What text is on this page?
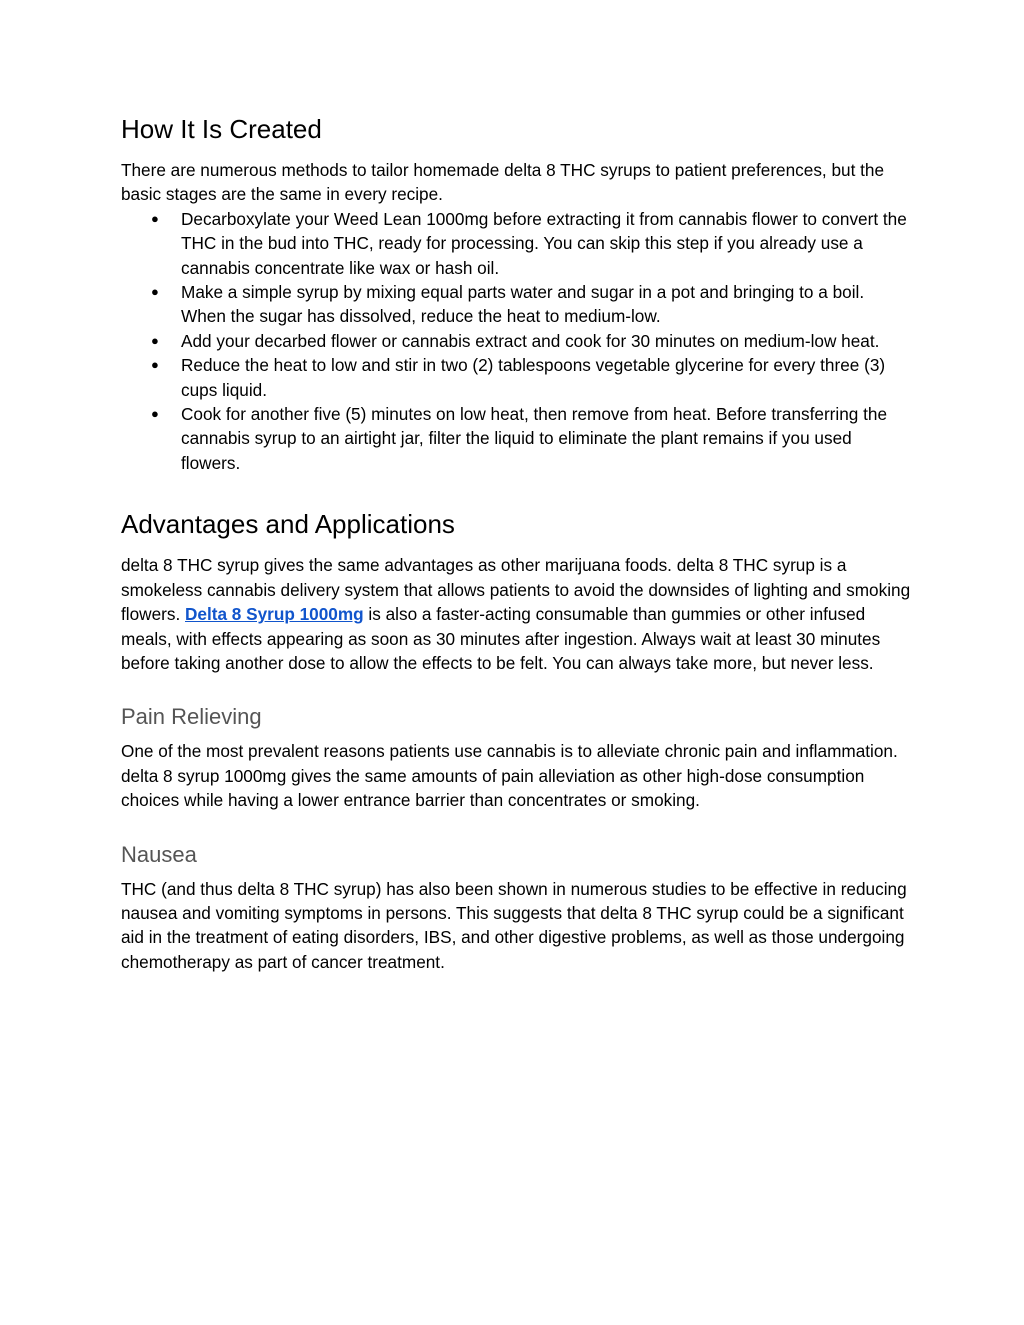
How It Is Created

There are numerous methods to tailor homemade delta 8 THC syrups to patient preferences, but the basic stages are the same in every recipe.

● Decarboxylate your Weed Lean 1000mg before extracting it from cannabis flower to convert the THC in the bud into THC, ready for processing. You can skip this step if you already use a cannabis concentrate like wax or hash oil.
● Make a simple syrup by mixing equal parts water and sugar in a pot and bringing to a boil. When the sugar has dissolved, reduce the heat to medium-low.
● Add your decarbed flower or cannabis extract and cook for 30 minutes on medium-low heat.
● Reduce the heat to low and stir in two (2) tablespoons vegetable glycerine for every three (3) cups liquid.
● Cook for another five (5) minutes on low heat, then remove from heat. Before transferring the cannabis syrup to an airtight jar, filter the liquid to eliminate the plant remains if you used flowers.
Advantages and Applications

delta 8 THC syrup gives the same advantages as other marijuana foods. delta 8 THC syrup is a smokeless cannabis delivery system that allows patients to avoid the downsides of lighting and smoking flowers. Delta 8 Syrup 1000mg is also a faster-acting consumable than gummies or other infused meals, with effects appearing as soon as 30 minutes after ingestion. Always wait at least 30 minutes before taking another dose to allow the effects to be felt. You can always take more, but never less.

Pain Relieving

One of the most prevalent reasons patients use cannabis is to alleviate chronic pain and inflammation. delta 8 syrup 1000mg gives the same amounts of pain alleviation as other high-dose consumption choices while having a lower entrance barrier than concentrates or smoking.

Nausea

THC (and thus delta 8 THC syrup) has also been shown in numerous studies to be effective in reducing nausea and vomiting symptoms in persons. This suggests that delta 8 THC syrup could be a significant aid in the treatment of eating disorders, IBS, and other digestive problems, as well as those undergoing chemotherapy as part of cancer treatment.
